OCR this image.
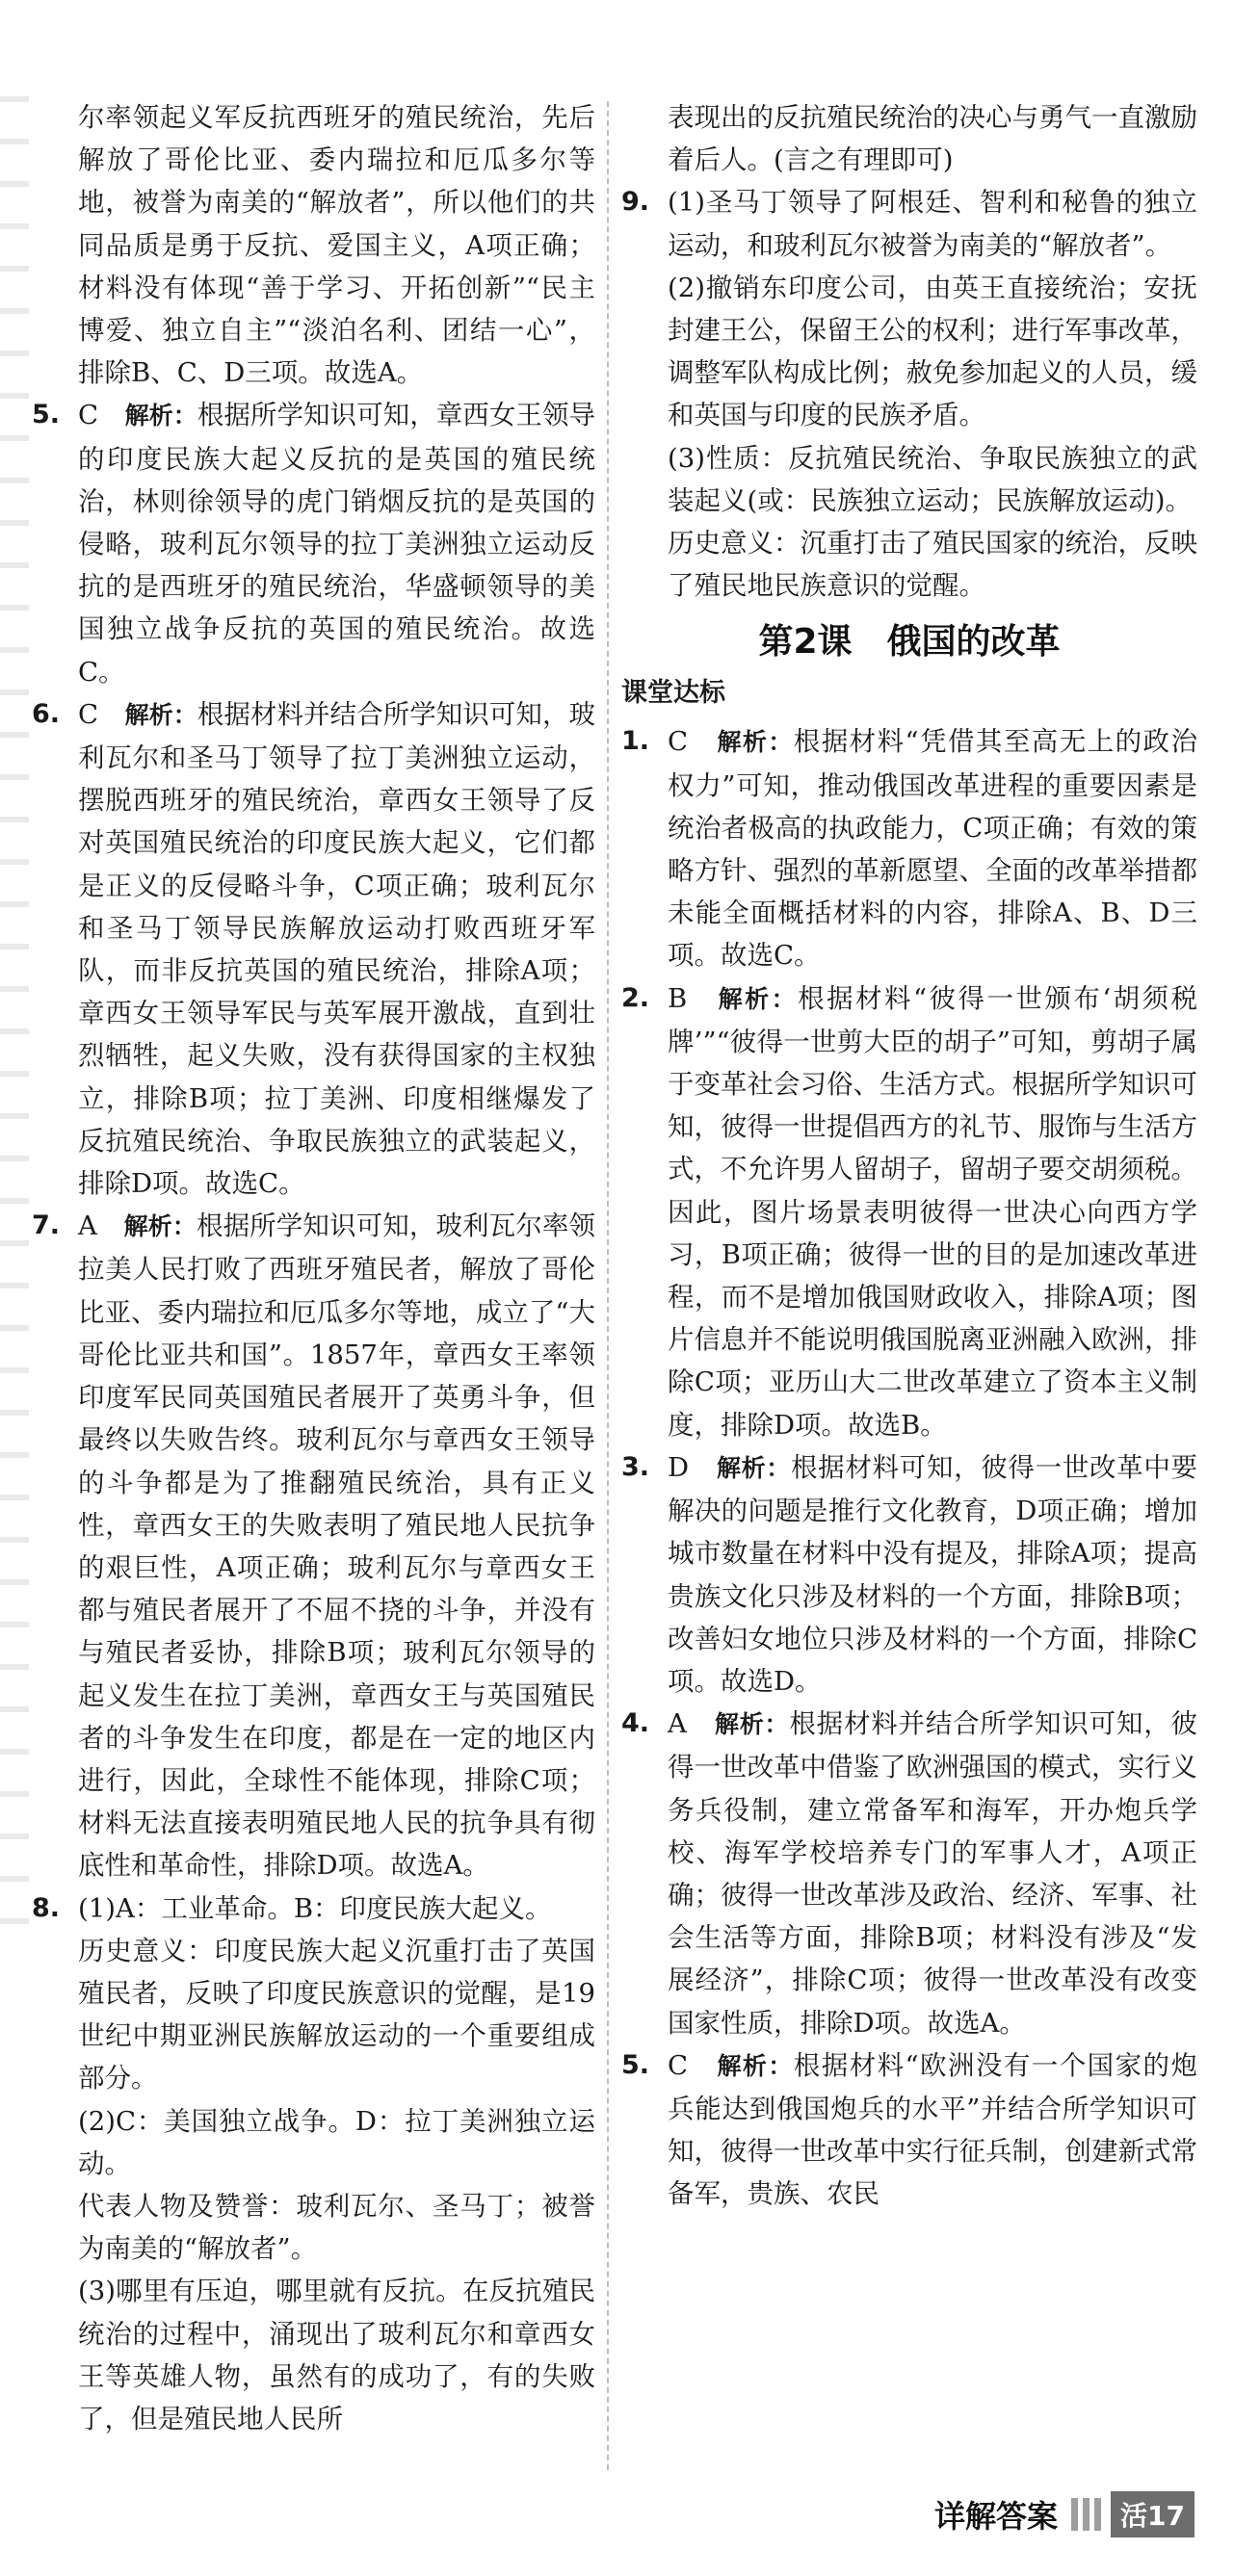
尔率领起义军反抗西班牙的殖民统治，先后解放了哥伦比亚、委内瑞拉和厄瓜多尔等地，被誉为南美的“解放者”，所以他们的共同品质是勇于反抗、爱国主义，A项正确；材料没有体现“善于学习、开拓创新”“民主博爱、独立自主”“淡泊名利、团结一心”，排除B、C、D三项。故选A。

5. C　 解析：根据所学知识可知，章西女王领导的印度民族大起义反抗的是英国的殖民统治，林则徐领导的虎门销烟反抗的是英国的侵略，玻利瓦尔领导的拉丁美洲独立运动反抗的是西班牙的殖民统治，华盛顿领导的美国独立战争反抗的英国的殖民统治。故选C。

6. C　 解析：根据材料并结合所学知识可知，玻利瓦尔和圣马丁领导了拉丁美洲独立运动，摆脱西班牙的殖民统治，章西女王领导了反对英国殖民统治的印度民族大起义，它们都是正义的反侵略斗争，C项正确；玻利瓦尔和圣马丁领导民族解放运动打败西班牙军队，而非反抗英国的殖民统治，排除A项；章西女王领导军民与英军展开激战，直到壮烈牺牲，起义失败，没有获得国家的主权独立，排除B项；拉丁美洲、印度相继爆发了反抗殖民统治、争取民族独立的武装起义，排除D项。故选C。

7. A　 解析：根据所学知识可知，玻利瓦尔率领拉美人民打败了西班牙殖民者，解放了哥伦比亚、委内瑞拉和厄瓜多尔等地，成立了“大哥伦比亚共和国”。1857年，章西女王率领印度军民同英国殖民者展开了英勇斗争，但最终以失败告终。玻利瓦尔与章西女王领导的斗争都是为了推翻殖民统治，具有正义性，章西女王的失败表明了殖民地人民抗争的艰巨性，A项正确；玻利瓦尔与章西女王都与殖民者展开了不屈不挠的斗争，并没有与殖民者妥协，排除B项；玻利瓦尔领导的起义发生在拉丁美洲，章西女王与英国殖民者的斗争发生在印度，都是在一定的地区内进行，因此，全球性不能体现，排除C项；材料无法直接表明殖民地人民的抗争具有彻底性和革命性，排除D项。故选A。

8. (1)A：工业革命。B：印度民族大起义。
历史意义：印度民族大起义沉重打击了英国殖民者，反映了印度民族意识的觉醒，是19世纪中期亚洲民族解放运动的一个重要组成部分。
(2)C：美国独立战争。D：拉丁美洲独立运动。
代表人物及赞誉：玻利瓦尔、圣马丁；被誉为南美的“解放者”。
(3)哪里有压迫，哪里就有反抗。在反抗殖民统治的过程中，涌现出了玻利瓦尔和章西女王等英雄人物，虽然有的成功了，有的失败了，但是殖民地人民所

表现出的反抗殖民统治的决心与勇气一直激励着后人。(言之有理即可)

9. (1)圣马丁领导了阿根廷、智利和秘鲁的独立运动，和玻利瓦尔被誉为南美的“解放者”。
(2)撤销东印度公司，由英王直接统治；安抚封建王公，保留王公的权利；进行军事改革，调整军队构成比例；赦免参加起义的人员，缓和英国与印度的民族矛盾。
(3)性质：反抗殖民统治、争取民族独立的武装起义(或：民族独立运动；民族解放运动)。
历史意义：沉重打击了殖民国家的统治，反映了殖民地民族意识的觉醒。
第2课　俄国的改革
课堂达标

1. C　 解析：根据材料“凭借其至高无上的政治权力”可知，推动俄国改革进程的重要因素是统治者极高的执政能力，C项正确；有效的策略方针、强烈的革新愿望、全面的改革举措都未能全面概括材料的内容，排除A、B、D三项。故选C。

2. B　 解析：根据材料“彼得一世颁布‘胡须税牌’”“彼得一世剪大臣的胡子”可知，剪胡子属于变革社会习俗、生活方式。根据所学知识可知，彼得一世提倡西方的礼节、服饰与生活方式，不允许男人留胡子，留胡子要交胡须税。因此，图片场景表明彼得一世决心向西方学习，B项正确；彼得一世的目的是加速改革进程，而不是增加俄国财政收入，排除A项；图片信息并不能说明俄国脱离亚洲融入欧洲，排除C项；亚历山大二世改革建立了资本主义制度，排除D项。故选B。

3. D　 解析：根据材料可知，彼得一世改革中要解决的问题是推行文化教育，D项正确；增加城市数量在材料中没有提及，排除A项；提高贵族文化只涉及材料的一个方面，排除B项；改善妇女地位只涉及材料的一个方面，排除C项。故选D。

4. A　 解析：根据材料并结合所学知识可知，彼得一世改革中借鉴了欧洲强国的模式，实行义务兵役制，建立常备军和海军，开办炮兵学校、海军学校培养专门的军事人才，A项正确；彼得一世改革涉及政治、经济、军事、社会生活等方面，排除B项；材料没有涉及“发展经济”，排除C项；彼得一世改革没有改变国家性质，排除D项。故选A。

5. C　 解析：根据材料“欧洲没有一个国家的炮兵能达到俄国炮兵的水平”并结合所学知识可知，彼得一世改革中实行征兵制，创建新式常备军，贵族、农民

详解答案	活17
